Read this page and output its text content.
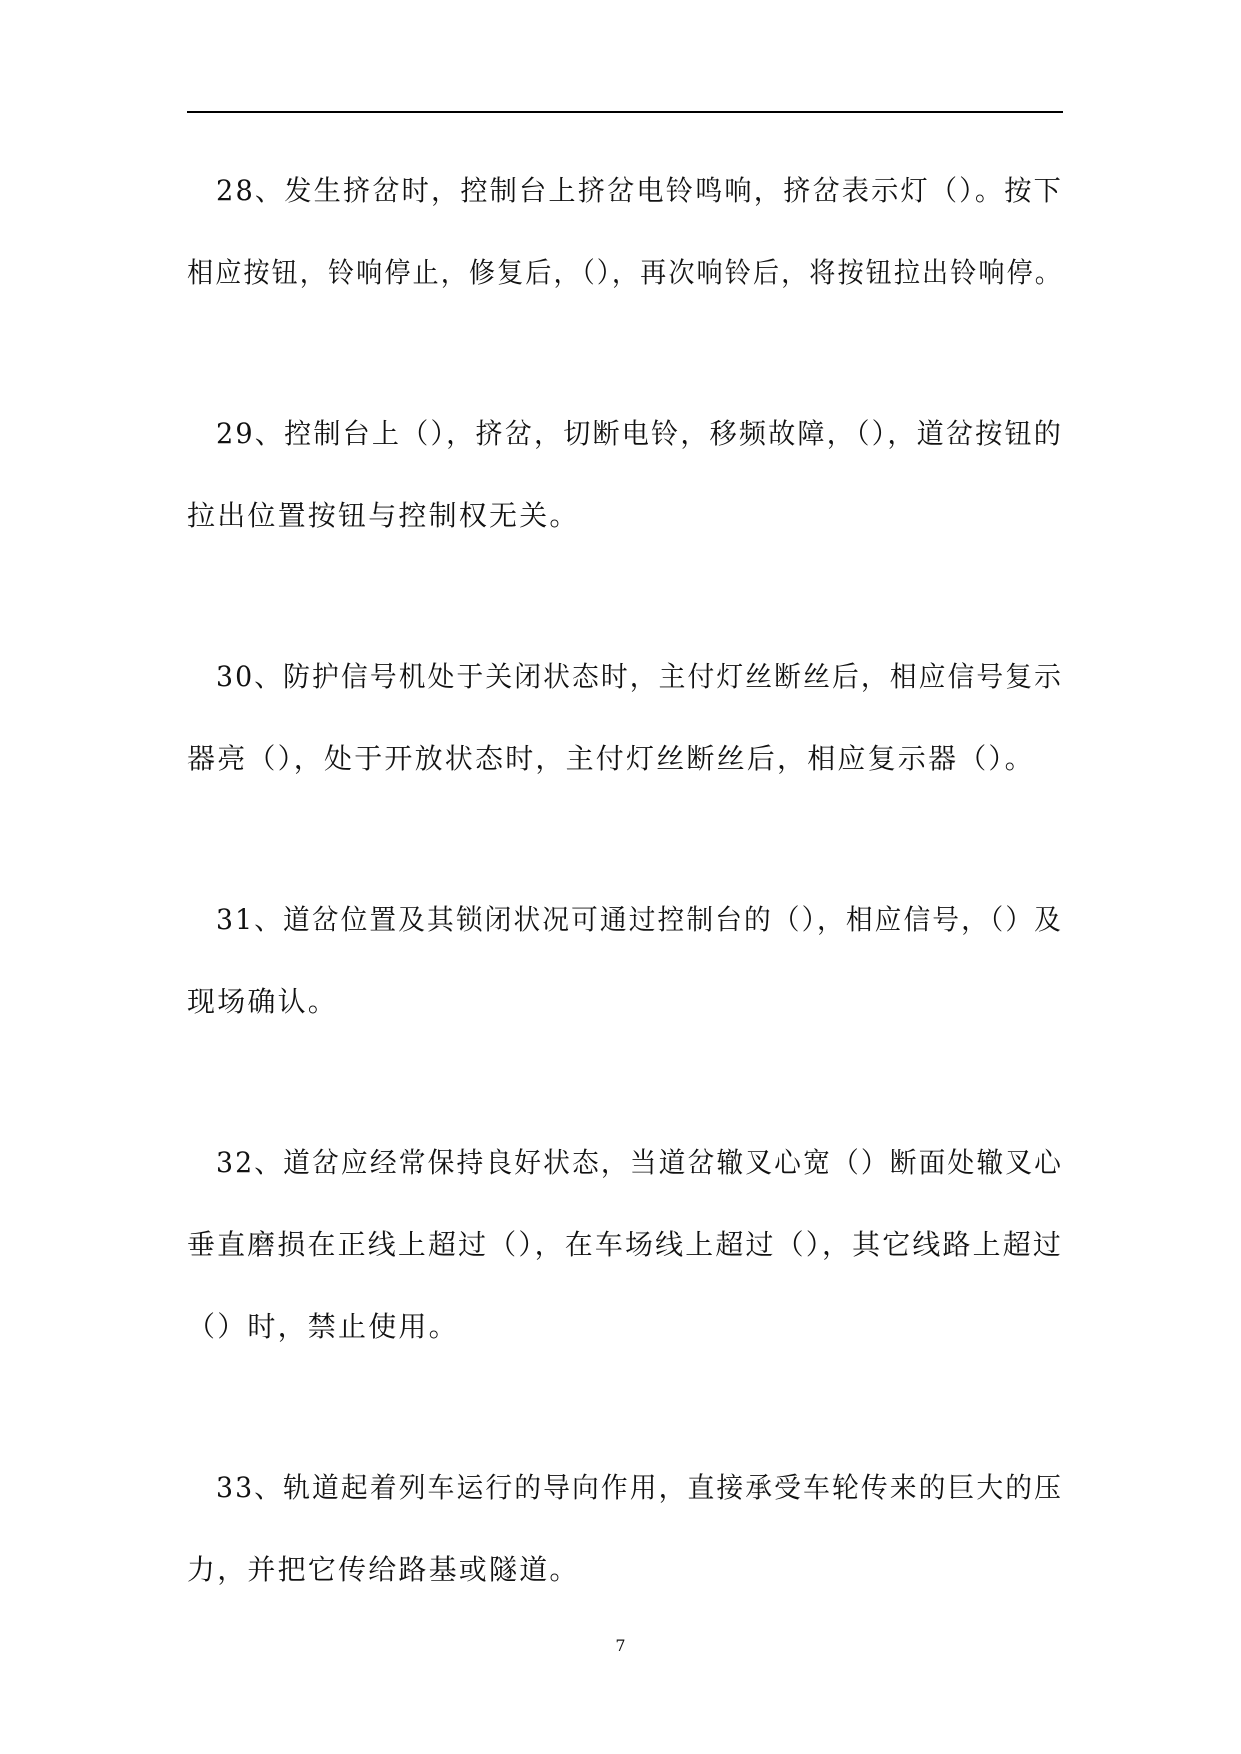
28、发生挤岔时，控制台上挤岔电铃鸣响，挤岔表示灯（）。按下
相应按钮，铃响停止，修复后，（），再次响铃后，将按钮拉出铃响停。
29、控制台上（），挤岔，切断电铃，移频故障，（），道岔按钮的
拉出位置按钮与控制权无关。
30、防护信号机处于关闭状态时，主付灯丝断丝后，相应信号复示
器亮（），处于开放状态时，主付灯丝断丝后，相应复示器（）。
31、道岔位置及其锁闭状况可通过控制台的（），相应信号，（）及
现场确认。
32、道岔应经常保持良好状态，当道岔辙叉心宽（）断面处辙叉心
垂直磨损在正线上超过（），在车场线上超过（），其它线路上超过
（）时，禁止使用。
33、轨道起着列车运行的导向作用，直接承受车轮传来的巨大的压
力，并把它传给路基或隧道。
7
